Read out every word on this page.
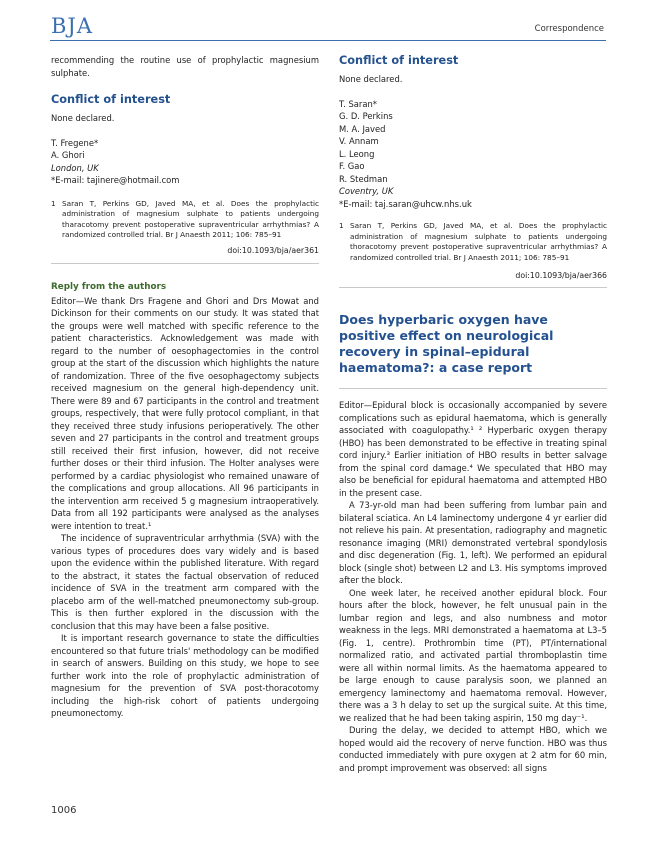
BJA	Correspondence

recommending the routine use of prophylactic magnesium sulphate.

Conflict of interest

None declared.

T. Fregene*
A. Ghori
London, UK
*E-mail: tajinere@hotmail.com
1 Saran T, Perkins GD, Javed MA, et al. Does the prophylactic administration of magnesium sulphate to patients undergoing tharacotomy prevent postoperative supraventricular arrhythmias? A randomized controlled trial. Br J Anaesth 2011; 106: 785–91

doi:10.1093/bja/aer361

Reply from the authors

Editor—We thank Drs Fragene and Ghori and Drs Mowat and Dickinson for their comments on our study. It was stated that the groups were well matched with specific reference to the patient characteristics. Acknowledgement was made with regard to the number of oesophagectomies in the control group at the start of the discussion which highlights the nature of randomization. Three of the five oesophagectomy subjects received magnesium on the general high-dependency unit. There were 89 and 67 participants in the control and treatment groups, respectively, that were fully protocol compliant, in that they received three study infusions perioperatively. The other seven and 27 participants in the control and treatment groups still received their first infusion, however, did not receive further doses or their third infusion. The Holter analyses were performed by a cardiac physiologist who remained unaware of the complications and group allocations. All 96 participants in the intervention arm received 5 g magnesium intraoperatively. Data from all 192 participants were analysed as the analyses were intention to treat.¹

The incidence of supraventricular arrhythmia (SVA) with the various types of procedures does vary widely and is based upon the evidence within the published literature. With regard to the abstract, it states the factual observation of reduced incidence of SVA in the treatment arm compared with the placebo arm of the well-matched pneumonectomy sub-group. This is then further explored in the discussion with the conclusion that this may have been a false positive.

It is important research governance to state the difficulties encountered so that future trials' methodology can be modified in search of answers. Building on this study, we hope to see further work into the role of prophylactic administration of magnesium for the prevention of SVA post-thoracotomy including the high-risk cohort of patients undergoing pneumonectomy.

Conflict of interest

None declared.

T. Saran*
G. D. Perkins
M. A. Javed
V. Annam
L. Leong
F. Gao
R. Stedman
Coventry, UK
*E-mail: taj.saran@uhcw.nhs.uk
1 Saran T, Perkins GD, Javed MA, et al. Does the prophylactic administration of magnesium sulphate to patients undergoing thoracotomy prevent postoperative supraventricular arrhythmias? A randomized controlled trial. Br J Anaesth 2011; 106: 785–91

doi:10.1093/bja/aer366

Does hyperbaric oxygen have positive effect on neurological recovery in spinal–epidural haematoma?: a case report

Editor—Epidural block is occasionally accompanied by severe complications such as epidural haematoma, which is generally associated with coagulopathy.¹ ² Hyperbaric oxygen therapy (HBO) has been demonstrated to be effective in treating spinal cord injury.³ Earlier initiation of HBO results in better salvage from the spinal cord damage.⁴ We speculated that HBO may also be beneficial for epidural haematoma and attempted HBO in the present case.

A 73-yr-old man had been suffering from lumbar pain and bilateral sciatica. An L4 laminectomy undergone 4 yr earlier did not relieve his pain. At presentation, radiography and magnetic resonance imaging (MRI) demonstrated vertebral spondylosis and disc degeneration (Fig. 1, left). We performed an epidural block (single shot) between L2 and L3. His symptoms improved after the block.

One week later, he received another epidural block. Four hours after the block, however, he felt unusual pain in the lumbar region and legs, and also numbness and motor weakness in the legs. MRI demonstrated a haematoma at L3–5 (Fig. 1, centre). Prothrombin time (PT), PT/international normalized ratio, and activated partial thromboplastin time were all within normal limits. As the haematoma appeared to be large enough to cause paralysis soon, we planned an emergency laminectomy and haematoma removal. However, there was a 3 h delay to set up the surgical suite. At this time, we realized that he had been taking aspirin, 150 mg day⁻¹.

During the delay, we decided to attempt HBO, which we hoped would aid the recovery of nerve function. HBO was thus conducted immediately with pure oxygen at 2 atm for 60 min, and prompt improvement was observed: all signs

1006
